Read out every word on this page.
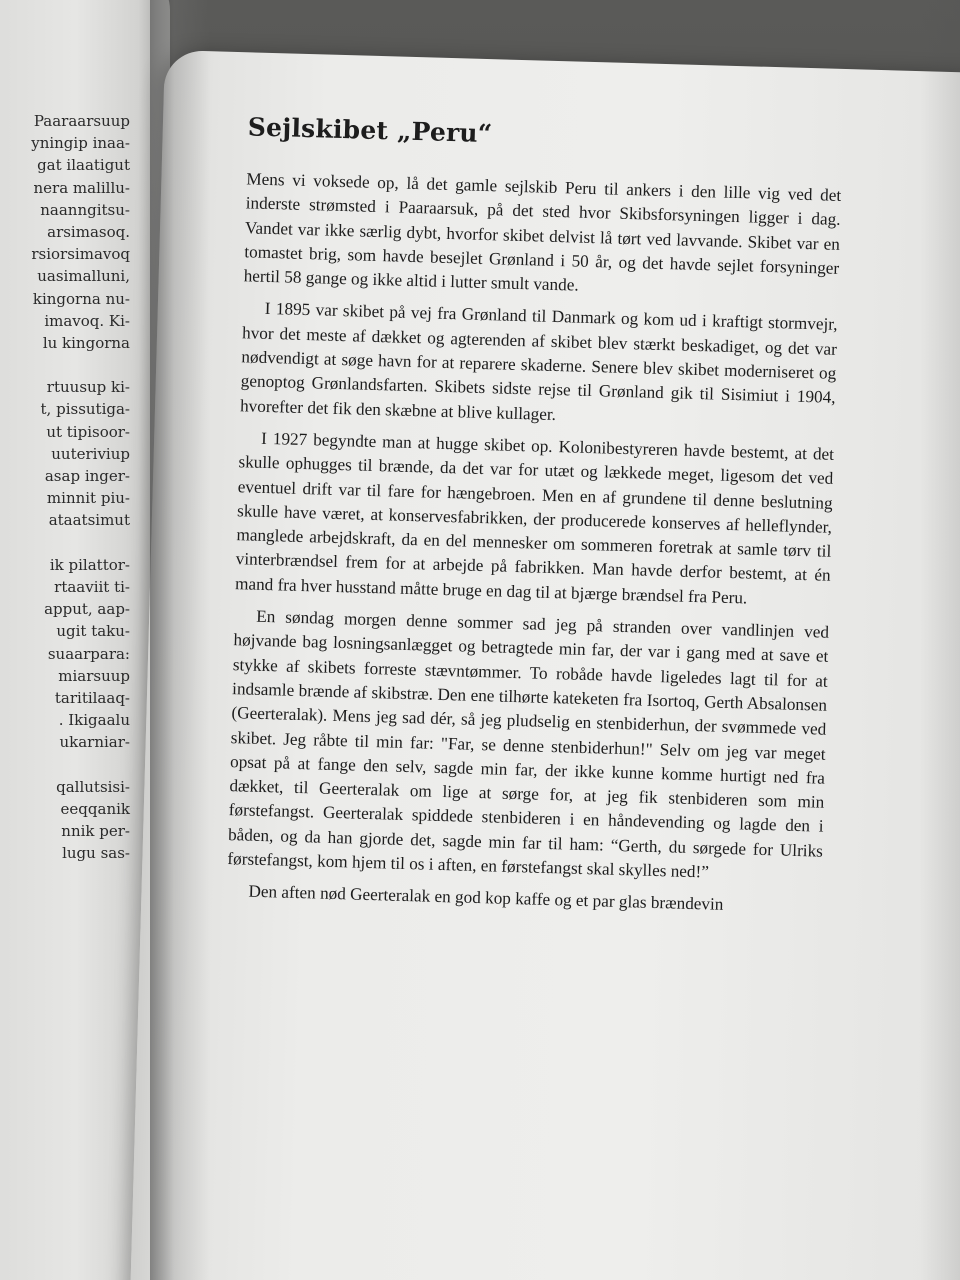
Paaraarsuup
yningip inaa-
gat ilaatigut
nera malillu-
naanngitsu-
arsimasoq.
rsiorsimavoq
uasimalluni,
kingorna nu-
imavoq. Ki-
lu kingorna
rtuusup ki-
t, pissutiga-
ut tipisoor-
uuteriviup
asap inger-
minnit piu-
ataatsimut
ik pilattor-
rtaaviit ti-
apput, aap-
ugit taku-
suaarpara:
miarsuup
taritilaaq-
. Ikigaalu
ukarniar-
qallutsisi-
eeqqanik
nnik per-
lugu sas-
Sejlskibet „Peru“

Mens vi voksede op, lå det gamle sejlskib Peru til ankers i den lille vig ved det inderste strømsted i Paaraarsuk, på det sted hvor Skibsforsyningen ligger i dag. Vandet var ikke særlig dybt, hvorfor skibet delvist lå tørt ved lavvande. Skibet var en tomastet brig, som havde besejlet Grønland i 50 år, og det havde sejlet forsyninger hertil 58 gange og ikke altid i lutter smult vande.

I 1895 var skibet på vej fra Grønland til Danmark og kom ud i kraftigt stormvejr, hvor det meste af dækket og agterenden af skibet blev stærkt beskadiget, og det var nødvendigt at søge havn for at reparere skaderne. Senere blev skibet moderniseret og genoptog Grønlandsfarten. Skibets sidste rejse til Grønland gik til Sisimiut i 1904, hvorefter det fik den skæbne at blive kullager.

I 1927 begyndte man at hugge skibet op. Kolonibestyreren havde bestemt, at det skulle ophugges til brænde, da det var for utæt og lækkede meget, ligesom det ved eventuel drift var til fare for hængebroen. Men en af grundene til denne beslutning skulle have været, at konservesfabrikken, der producerede konserves af helleflynder, manglede arbejdskraft, da en del mennesker om sommeren foretrak at samle tørv til vinterbrændsel frem for at arbejde på fabrikken. Man havde derfor bestemt, at én mand fra hver husstand måtte bruge en dag til at bjærge brændsel fra Peru.

En søndag morgen denne sommer sad jeg på stranden over vandlinjen ved højvande bag losningsanlægget og betragtede min far, der var i gang med at save et stykke af skibets forreste stævntømmer. To robåde havde ligeledes lagt til for at indsamle brænde af skibstræ. Den ene tilhørte kateketen fra Isortoq, Gerth Absalonsen (Geerteralak). Mens jeg sad dér, så jeg pludselig en stenbiderhun, der svømmede ved skibet. Jeg råbte til min far: "Far, se denne stenbiderhun!" Selv om jeg var meget opsat på at fange den selv, sagde min far, der ikke kunne komme hurtigt ned fra dækket, til Geerteralak om lige at sørge for, at jeg fik stenbideren som min førstefangst. Geerteralak spiddede stenbideren i en håndevending og lagde den i båden, og da han gjorde det, sagde min far til ham: “Gerth, du sørgede for Ulriks førstefangst, kom hjem til os i aften, en førstefangst skal skylles ned!”

Den aften nød Geerteralak en god kop kaffe og et par glas brændevin
